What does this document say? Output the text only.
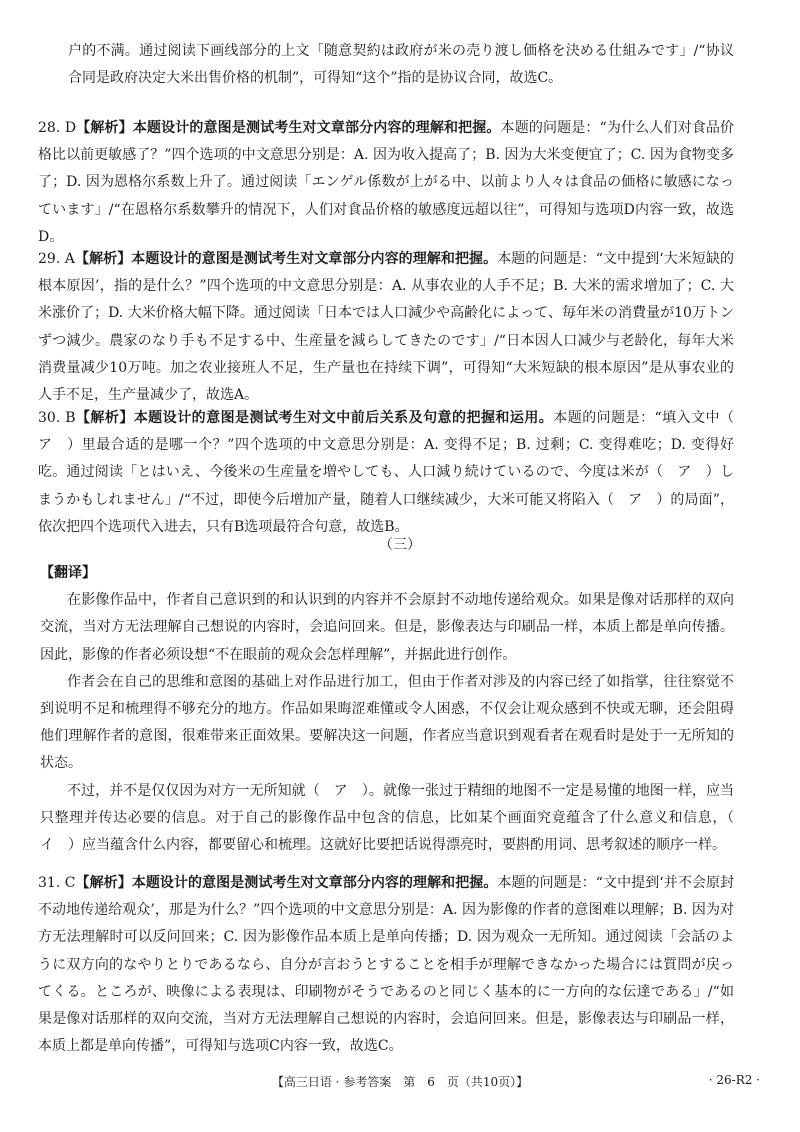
户的不满。通过阅读下画线部分的上文「随意契約は政府が米の売り渡し価格を決める仕組みです」/“协议合同是政府决定大米出售价格的机制”，可得知“这个”指的是协议合同，故选C。

28. D【解析】本题设计的意图是测试考生对文章部分内容的理解和把握。本题的问题是：“为什么人们对食品价格比以前更敏感了？”四个选项的中文意思分别是：A. 因为收入提高了；B. 因为大米变便宜了；C. 因为食物变多了；D. 因为恩格尔系数上升了。通过阅读「エンゲル係数が上がる中、以前より人々は食品の価格に敏感になっています」/“在恩格尔系数攀升的情况下，人们对食品价格的敏感度远超以往”，可得知与选项D内容一致，故选D。

29. A【解析】本题设计的意图是测试考生对文章部分内容的理解和把握。本题的问题是：“文中提到‘大米短缺的根本原因’，指的是什么？”四个选项的中文意思分别是：A. 从事农业的人手不足；B. 大米的需求增加了；C. 大米涨价了；D. 大米价格大幅下降。通过阅读「日本では人口減少や高齢化によって、毎年米の消費量が10万トンずつ減少。農家のなり手も不足する中、生産量を減らしてきたのです」/“日本因人口减少与老龄化，每年大米消费量减少10万吨。加之农业接班人不足，生产量也在持续下调”，可得知“大米短缺的根本原因”是从事农业的人手不足，生产量减少了，故选A。

30. B【解析】本题设计的意图是测试考生对文中前后关系及句意的把握和运用。本题的问题是：“填入文中（　ア　）里最合适的是哪一个？”四个选项的中文意思分别是：A. 变得不足；B. 过剩；C. 变得难吃；D. 变得好吃。通过阅读「とはいえ、今後米の生産量を増やしても、人口減り続けているので、今度は米が（　ア　）しまうかもしれません」/“不过，即使今后增加产量，随着人口继续减少，大米可能又将陷入（　ア　）的局面”，依次把四个选项代入进去，只有B选项最符合句意，故选B。

（三）

【翻译】

在影像作品中，作者自己意识到的和认识到的内容并不会原封不动地传递给观众。如果是像对话那样的双向交流，当对方无法理解自己想说的内容时，会追问回来。但是，影像表达与印刷品一样，本质上都是单向传播。因此，影像的作者必须设想“不在眼前的观众会怎样理解”，并据此进行创作。

作者会在自己的思维和意图的基础上对作品进行加工，但由于作者对涉及的内容已经了如指掌，往往察觉不到说明不足和梳理得不够充分的地方。作品如果晦涩难懂或令人困惑，不仅会让观众感到不快或无聊，还会阻碍他们理解作者的意图，很难带来正面效果。要解决这一问题，作者应当意识到观看者在观看时是处于一无所知的状态。

不过，并不是仅仅因为对方一无所知就（　ア　）。就像一张过于精细的地图不一定是易懂的地图一样，应当只整理并传达必要的信息。对于自己的影像作品中包含的信息，比如某个画面究竟蕴含了什么意义和信息，（　イ　）应当蕴含什么内容，都要留心和梳理。这就好比要把话说得漂亮时，要斟酌用词、思考叙述的顺序一样。

31. C【解析】本题设计的意图是测试考生对文章部分内容的理解和把握。本题的问题是：“文中提到‘并不会原封不动地传递给观众’，那是为什么？”四个选项的中文意思分别是：A. 因为影像的作者的意图难以理解；B. 因为对方无法理解时可以反问回来；C. 因为影像作品本质上是单向传播；D. 因为观众一无所知。通过阅读「会話のように双方向的なやりとりであるなら、自分が言おうとすることを相手が理解できなかった場合には質問が戻ってくる。ところが、映像による表現は、印刷物がそうであるのと同じく基本的に一方向的な伝達である」/“如果是像对话那样的双向交流，当对方无法理解自己想说的内容时，会追问回来。但是，影像表达与印刷品一样，本质上都是单向传播”，可得知与选项C内容一致，故选C。

【高三日语 · 参考答案　第　6　页（共10页）】	· 26-R2 ·
